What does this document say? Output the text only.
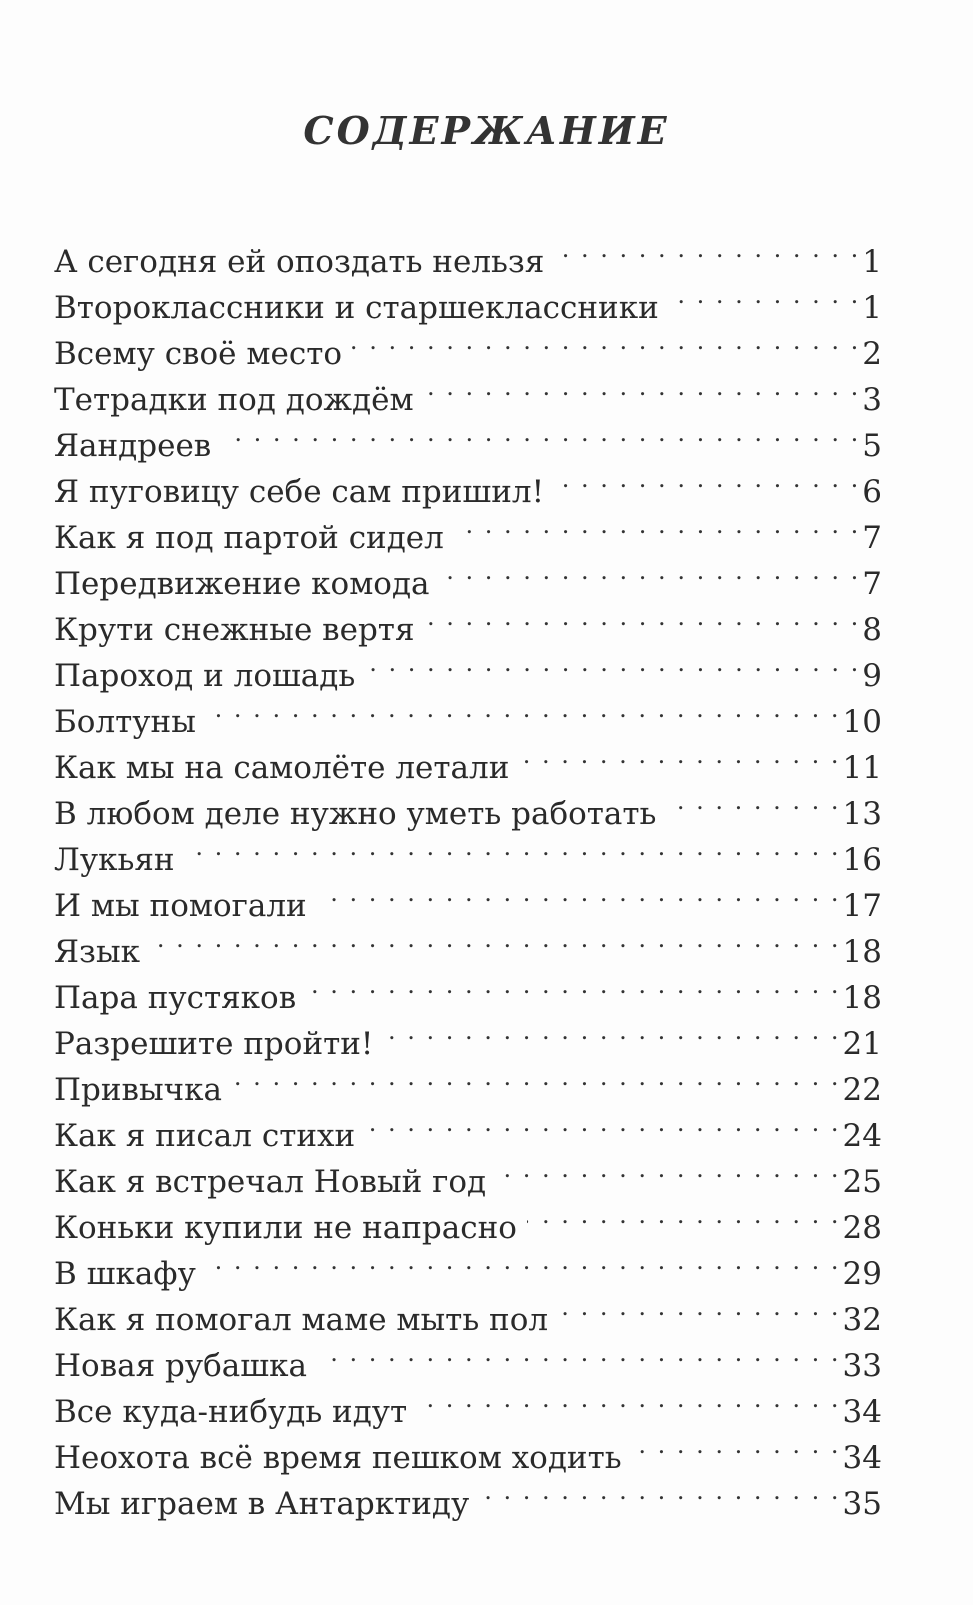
СОДЕРЖАНИЕ
А сегодня ей опоздать нельзя . . .	1
Второклассники и старшеклассники . . .	1
Всему своё место . . .	2
Тетрадки под дождём . . .	3
Яандреев . . .	5
Я пуговицу себе сам пришил! . . .	6
Как я под партой сидел . . .	7
Передвижение комода . . .	7
Крути снежные вертя . . .	8
Пароход и лошадь . . .	9
Болтуны . . .	10
Как мы на самолёте летали . . .	11
В любом деле нужно уметь работать . . .	13
Лукьян . . .	16
И мы помогали . . .	17
Язык . . .	18
Пара пустяков . . .	18
Разрешите пройти! . . .	21
Привычка . . .	22
Как я писал стихи . . .	24
Как я встречал Новый год . . .	25
Коньки купили не напрасно . . .	28
В шкафу . . .	29
Как я помогал маме мыть пол . . .	32
Новая рубашка . . .	33
Все куда-нибудь идут . . .	34
Неохота всё время пешком ходить . . .	34
Мы играем в Антарктиду . . .	35
